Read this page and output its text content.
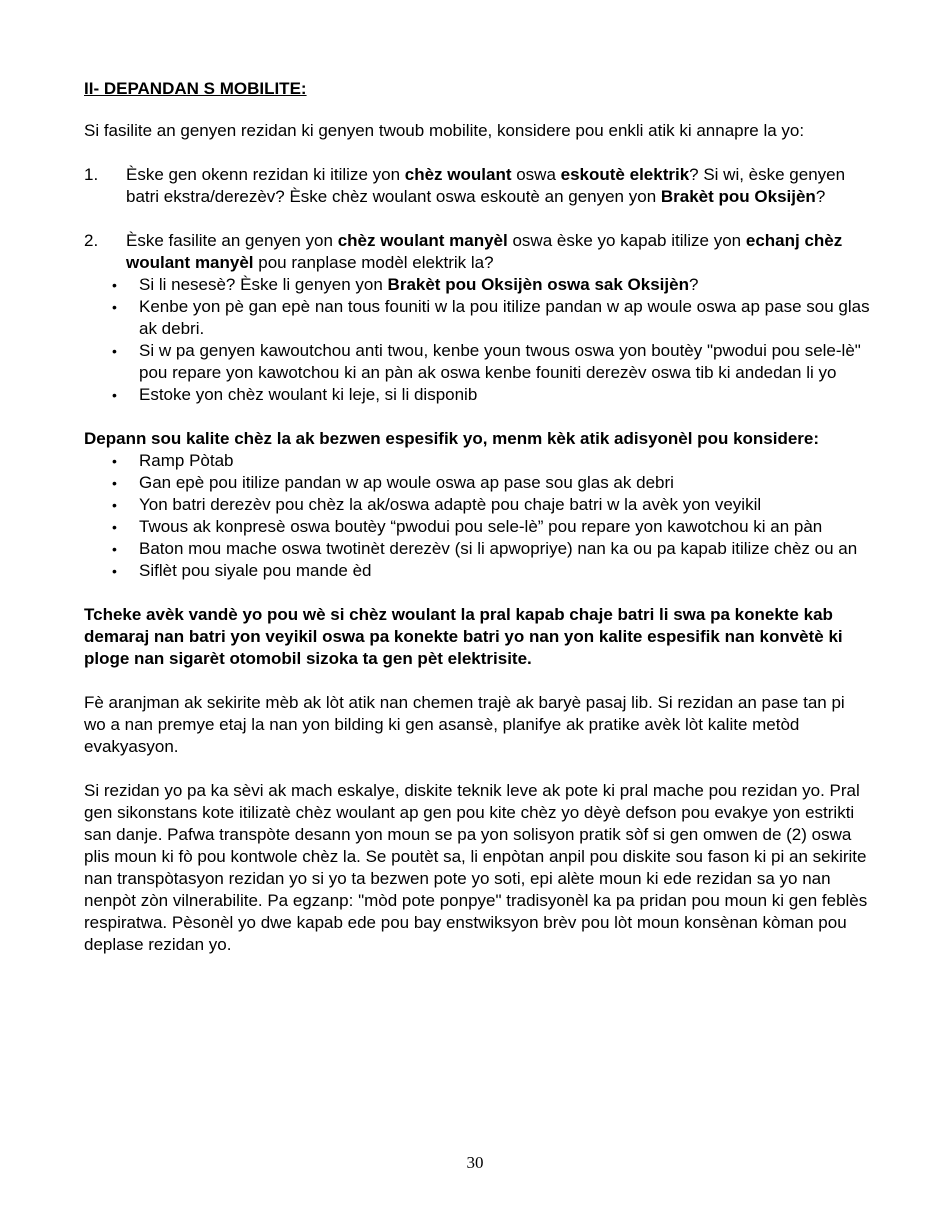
II- DEPANDAN S MOBILITE:

Si fasilite an genyen rezidan ki genyen twoub mobilite, konsidere pou enkli atik ki annapre la yo:

1.	Èske gen okenn rezidan ki itilize yon chèz woulant oswa eskoutè elektrik? Si wi, èske genyen batri ekstra/derezèv? Èske chèz woulant oswa eskoutè an genyen yon Brakèt pou Oksijèn?
2.	Èske fasilite an genyen yon chèz woulant manyèl oswa èske yo kapab itilize yon echanj chèz woulant manyèl pou ranplase modèl elektrik la?
•	Si li nesesè? Èske li genyen yon Brakèt pou Oksijèn oswa sak Oksijèn?
•	Kenbe yon pè gan epè nan tous founiti w la pou itilize pandan w ap woule oswa ap pase sou glas ak debri.
•	Si w pa genyen kawoutchou anti twou, kenbe youn twous oswa yon boutèy "pwodui pou sele-lè" pou repare yon kawotchou ki an pàn ak oswa kenbe founiti derezèv oswa tib ki andedan li yo
•	Estoke yon chèz woulant ki leje, si li disponib

Depann sou kalite chèz la ak bezwen espesifik yo, menm kèk atik adisyonèl pou konsidere:

•	Ramp Pòtab
•	Gan epè pou itilize pandan w ap woule oswa ap pase sou glas ak debri
•	Yon batri derezèv pou chèz la ak/oswa adaptè pou chaje batri w la avèk yon veyikil
•	Twous ak konpresè oswa boutèy “pwodui pou sele-lè” pou repare yon kawotchou ki an pàn
•	Baton mou mache oswa twotinèt derezèv (si li apwopriye) nan ka ou pa kapab itilize chèz ou an
•	Siflèt pou siyale pou mande èd

Tcheke avèk vandè yo pou wè si chèz woulant la pral kapab chaje batri li swa pa konekte kab demaraj nan batri yon veyikil oswa pa konekte batri yo nan yon kalite espesifik nan konvètè ki ploge nan sigarèt otomobil sizoka ta gen pèt elektrisite.

Fè aranjman ak sekirite mèb ak lòt atik nan chemen trajè ak baryè pasaj lib. Si rezidan an pase tan pi wo a nan premye etaj la nan yon bilding ki gen asansè, planifye ak pratike avèk lòt kalite metòd evakyasyon.

Si rezidan yo pa ka sèvi ak mach eskalye, diskite teknik leve ak pote ki pral mache pou rezidan yo. Pral gen sikonstans kote itilizatè chèz woulant ap gen pou kite chèz yo dèyè defson pou evakye yon estrikti san danje. Pafwa transpòte desann yon moun se pa yon solisyon pratik sòf si gen omwen de (2) oswa plis moun ki fò pou kontwole chèz la. Se poutèt sa, li enpòtan anpil pou diskite sou fason ki pi an sekirite nan transpòtasyon rezidan yo si yo ta bezwen pote yo soti, epi alète moun ki ede rezidan sa yo nan nenpòt zòn vilnerabilite. Pa egzanp: "mòd pote ponpye" tradisyonèl ka pa pridan pou moun ki gen feblès respiratwa. Pèsonèl yo dwe kapab ede pou bay enstwiksyon brèv pou lòt moun konsènan kòman pou deplase rezidan yo.

30
